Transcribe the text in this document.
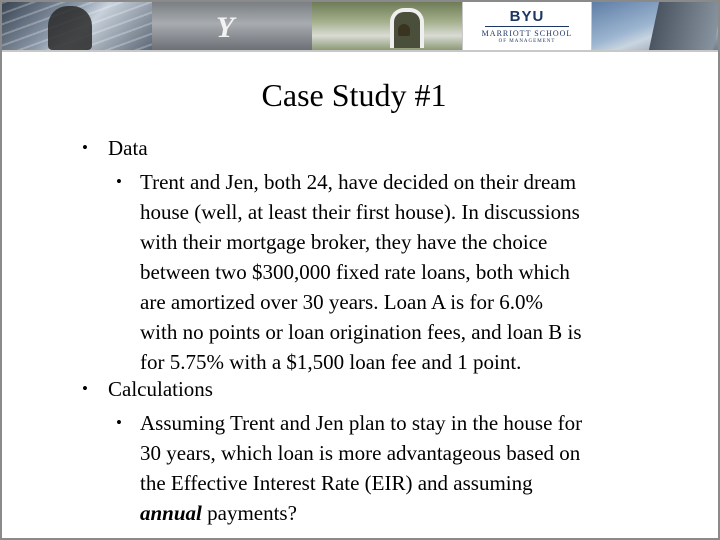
Y	BYU
MARRIOTT SCHOOL
OF MANAGEMENT
Case Study #1
• Data
• Trent and Jen, both 24, have decided on their dream
house (well, at least their first house). In discussions
with their mortgage broker, they have the choice
between two $300,000 fixed rate loans, both which
are amortized over 30 years. Loan A is for 6.0%
with no points or loan origination fees, and loan B is
for 5.75% with a $1,500 loan fee and 1 point.
• Calculations
• Assuming Trent and Jen plan to stay in the house for
30 years, which loan is more advantageous based on
the Effective Interest Rate (EIR) and assuming
annual payments?
